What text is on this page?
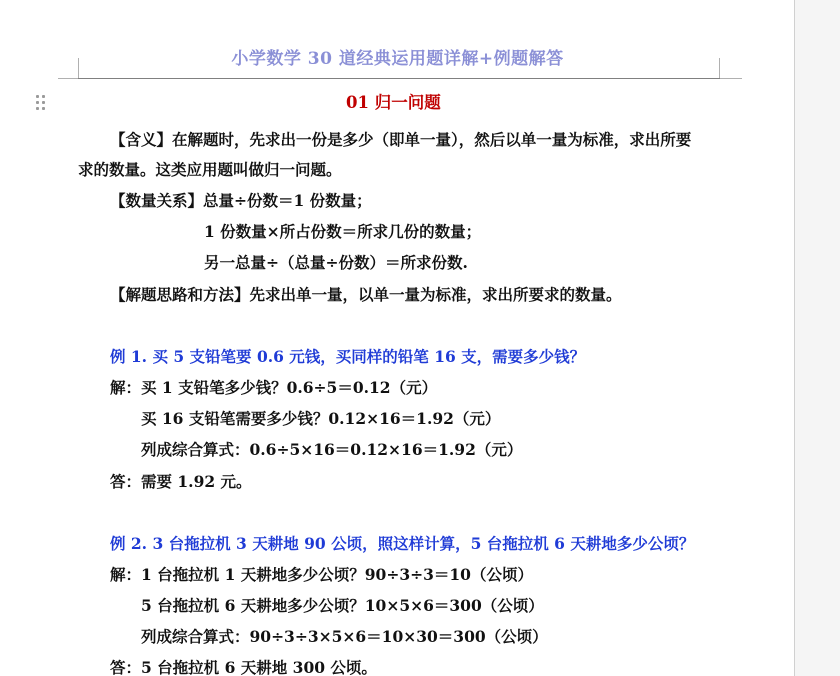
小学数学 30 道经典运用题详解+例题解答
01 归一问题
【含义】在解题时，先求出一份是多少（即单一量），然后以单一量为标准，求出所要
求的数量。这类应用题叫做归一问题。
【数量关系】总量÷份数＝1 份数量；
1 份数量×所占份数＝所求几份的数量；
另一总量÷（总量÷份数）＝所求份数.
【解题思路和方法】先求出单一量，以单一量为标准，求出所要求的数量。
例 1. 买 5 支铅笔要 0.6 元钱，买同样的铅笔 16 支，需要多少钱？
解：买 1 支铅笔多少钱？0.6÷5＝0.12（元）
买 16 支铅笔需要多少钱？0.12×16＝1.92（元）
列成综合算式：0.6÷5×16＝0.12×16＝1.92（元）
答：需要 1.92 元。
例 2. 3 台拖拉机 3 天耕地 90 公顷，照这样计算，5 台拖拉机 6 天耕地多少公顷？
解：1 台拖拉机 1 天耕地多少公顷？90÷3÷3＝10（公顷）
5 台拖拉机 6 天耕地多少公顷？10×5×6＝300（公顷）
列成综合算式：90÷3÷3×5×6＝10×30＝300（公顷）
答：5 台拖拉机 6 天耕地 300 公顷。
